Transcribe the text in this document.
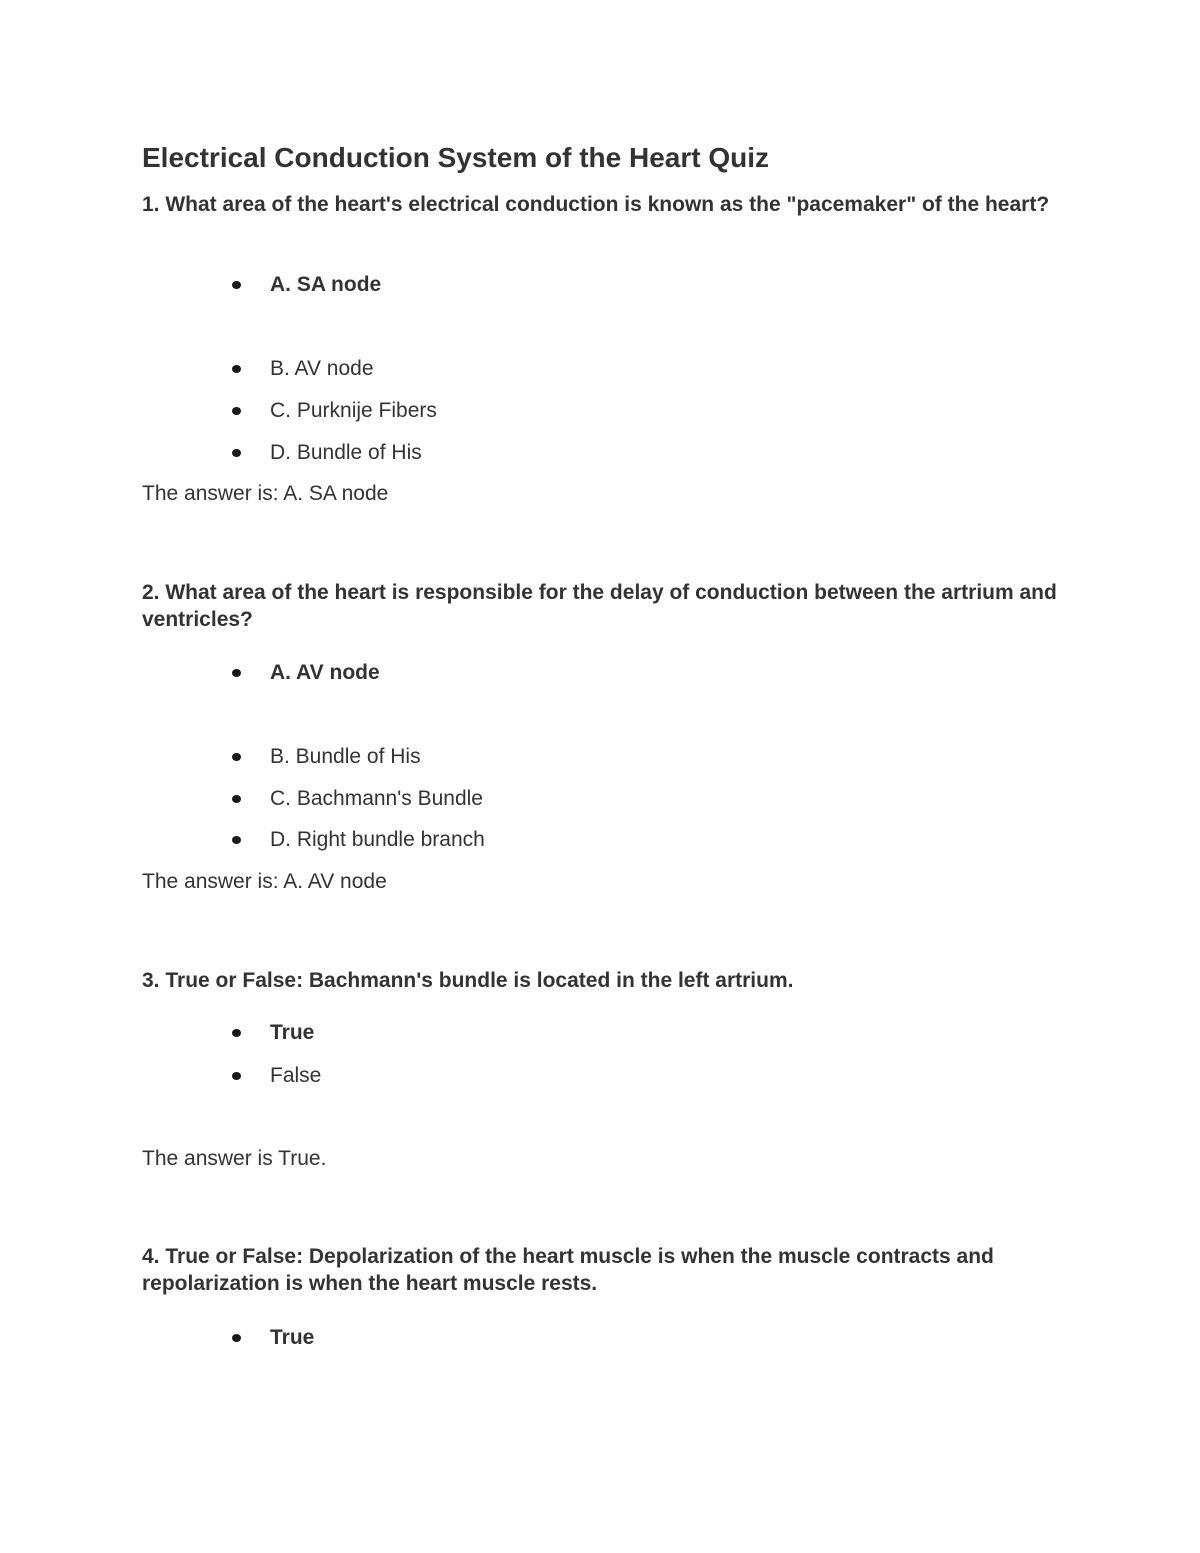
Electrical Conduction System of the Heart Quiz

1. What area of the heart's electrical conduction is known as the "pacemaker" of the heart?

A. SA node
B. AV node
C. Purknije Fibers
D. Bundle of His
The answer is: A. SA node

2. What area of the heart is responsible for the delay of conduction between the artrium and ventricles?

A. AV node
B. Bundle of His
C. Bachmann's Bundle
D. Right bundle branch
The answer is: A. AV node

3. True or False: Bachmann's bundle is located in the left artrium.

True
False
The answer is True.

4. True or False: Depolarization of the heart muscle is when the muscle contracts and repolarization is when the heart muscle rests.

True
